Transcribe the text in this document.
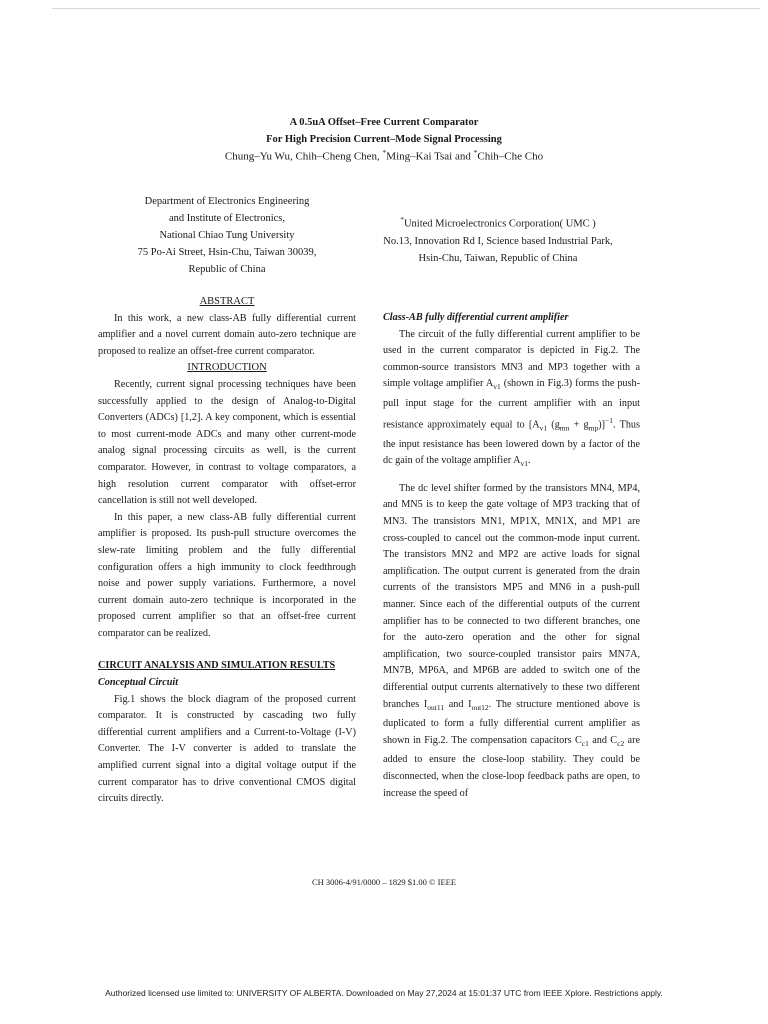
A 0.5uA Offset–Free Current Comparator
For High Precision Current–Mode Signal Processing
Chung–Yu Wu, Chih–Cheng Chen, *Ming–Kai Tsai and *Chih–Che Cho
Department of Electronics Engineering
and Institute of Electronics,
National Chiao Tung University
75 Po-Ai Street, Hsin-Chu, Taiwan 30039,
Republic of China
*United Microelectronics Corporation( UMC )
No.13, Innovation Rd I, Science based Industrial Park,
Hsin-Chu, Taiwan, Republic of China

ABSTRACT

In this work, a new class-AB fully differential current amplifier and a novel current domain auto-zero technique are proposed to realize an offset-free current comparator.

INTRODUCTION

Recently, current signal processing techniques have been successfully applied to the design of Analog-to-Digital Converters (ADCs) [1,2]. A key component, which is essential to most current-mode ADCs and many other current-mode analog signal processing circuits as well, is the current comparator. However, in contrast to voltage comparators, a high resolution current comparator with offset-error cancellation is still not well developed.

In this paper, a new class-AB fully differential current amplifier is proposed. Its push-pull structure overcomes the slew-rate limiting problem and the fully differential configuration offers a high immunity to clock feedthrough noise and power supply variations. Furthermore, a novel current domain auto-zero technique is incorporated in the proposed current amplifier so that an offset-free current comparator can be realized.

CIRCUIT ANALYSIS AND SIMULATION RESULTS

Conceptual Circuit

Fig.1 shows the block diagram of the proposed current comparator. It is constructed by cascading two fully differential current amplifiers and a Current-to-Voltage (I-V) Converter. The I-V converter is added to translate the amplified current signal into a digital voltage output if the current comparator has to drive conventional CMOS digital circuits directly.

Class-AB fully differential current amplifier

The circuit of the fully differential current amplifier to be used in the current comparator is depicted in Fig.2. The common-source transistors MN3 and MP3 together with a simple voltage amplifier $A_{v1}$ (shown in Fig.3) forms the push-pull input stage for the current amplifier with an input resistance approximately equal to [$A_{v1}$ $(g_{mn} + g_{mp})]^{-1}$. Thus the input resistance has been lowered down by a factor of the dc gain of the voltage amplifier $A_{v1}$.

The dc level shifter formed by the transistors MN4, MP4, and MN5 is to keep the gate voltage of MP3 tracking that of MN3. The transistors MN1, MP1X, MN1X, and MP1 are cross-coupled to cancel out the common-mode input current. The transistors MN2 and MP2 are active loads for signal amplification. The output current is generated from the drain currents of the transistors MP5 and MN6 in a push-pull manner. Since each of the differential outputs of the current amplifier has to be connected to two different branches, one for the auto-zero operation and the other for signal amplification, two source-coupled transistor pairs MN7A, MN7B, MP6A, and MP6B are added to switch one of the differential output currents alternatively to these two different branches $I_{out11}$ and $I_{out12}$. The structure mentioned above is duplicated to form a fully differential current amplifier as shown in Fig.2. The compensation capacitors $C_{c1}$ and $C_{c2}$ are added to ensure the close-loop stability. They could be disconnected, when the close-loop feedback paths are open, to increase the speed of

CH 3006-4/91/0000 – 1829 $1.00 © IEEE
Authorized licensed use limited to: UNIVERSITY OF ALBERTA. Downloaded on May 27,2024 at 15:01:37 UTC from IEEE Xplore. Restrictions apply.
